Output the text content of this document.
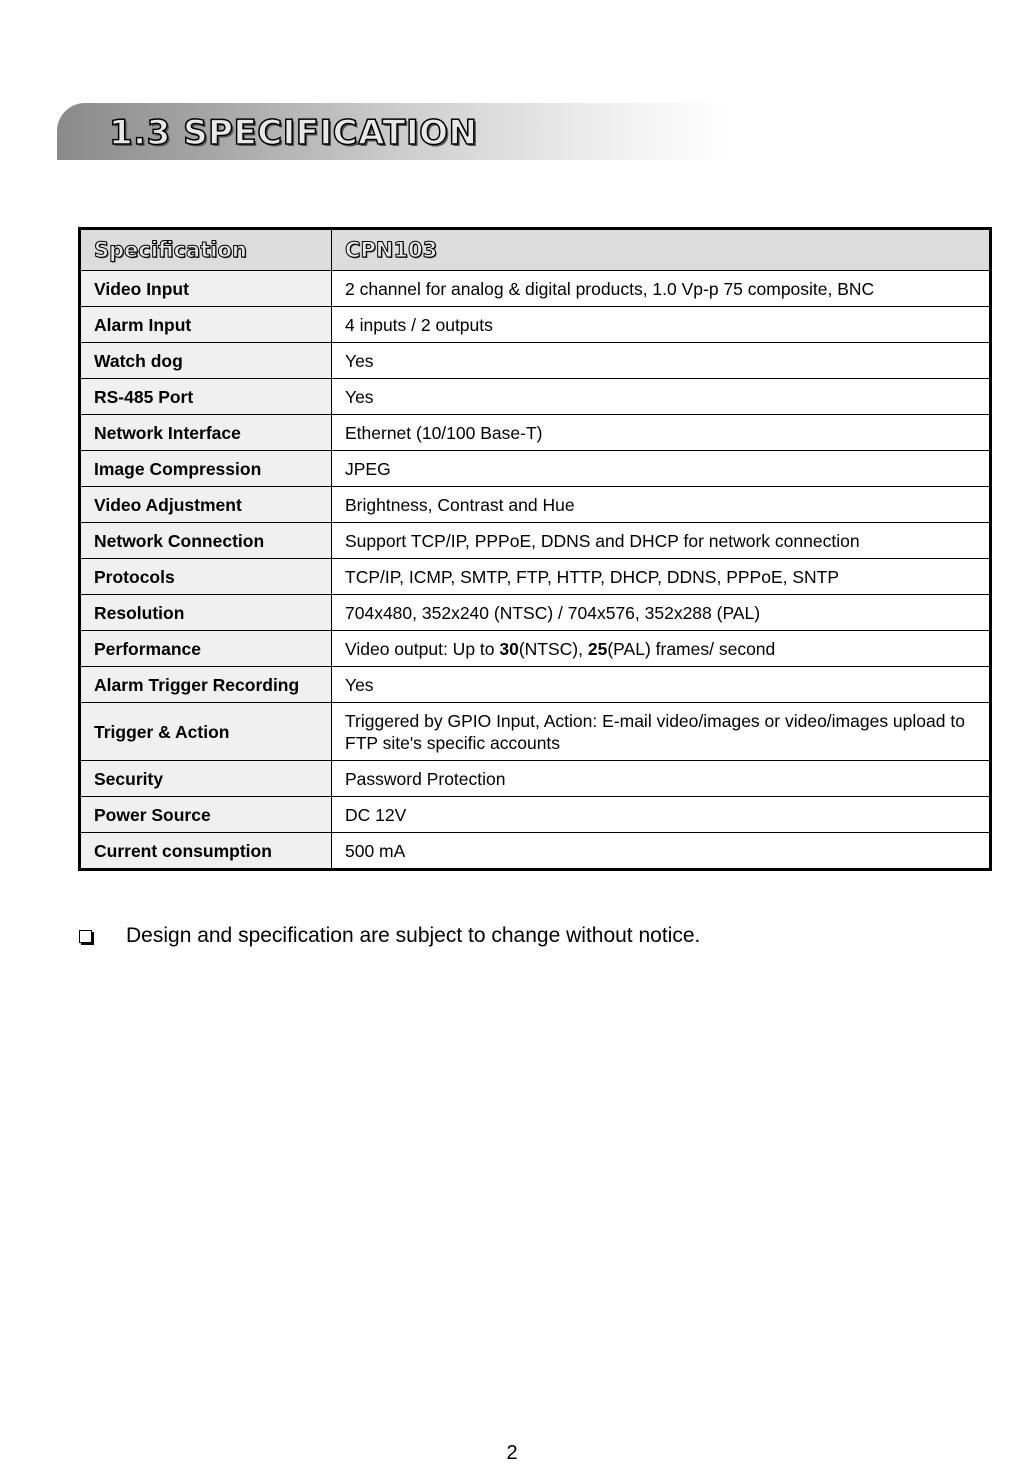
1.3 SPECIFICATION
Specification	CPN103
Video Input	2 channel for analog & digital products, 1.0 Vp-p 75 composite, BNC
Alarm Input	4 inputs / 2 outputs
Watch dog	Yes
RS-485 Port	Yes
Network Interface	Ethernet (10/100 Base-T)
Image Compression	JPEG
Video Adjustment	Brightness, Contrast and Hue
Network Connection	Support TCP/IP, PPPoE, DDNS and DHCP for network connection
Protocols	TCP/IP, ICMP, SMTP, FTP, HTTP, DHCP, DDNS, PPPoE, SNTP
Resolution	704x480, 352x240 (NTSC) / 704x576, 352x288 (PAL)
Performance	Video output: Up to 30(NTSC), 25(PAL) frames/ second
Alarm Trigger Recording	Yes
Trigger & Action	Triggered by GPIO Input, Action: E-mail video/images or video/images upload to FTP site's specific accounts
Security	Password Protection
Power Source	DC 12V
Current consumption	500 mA
Design and specification are subject to change without notice.
2
